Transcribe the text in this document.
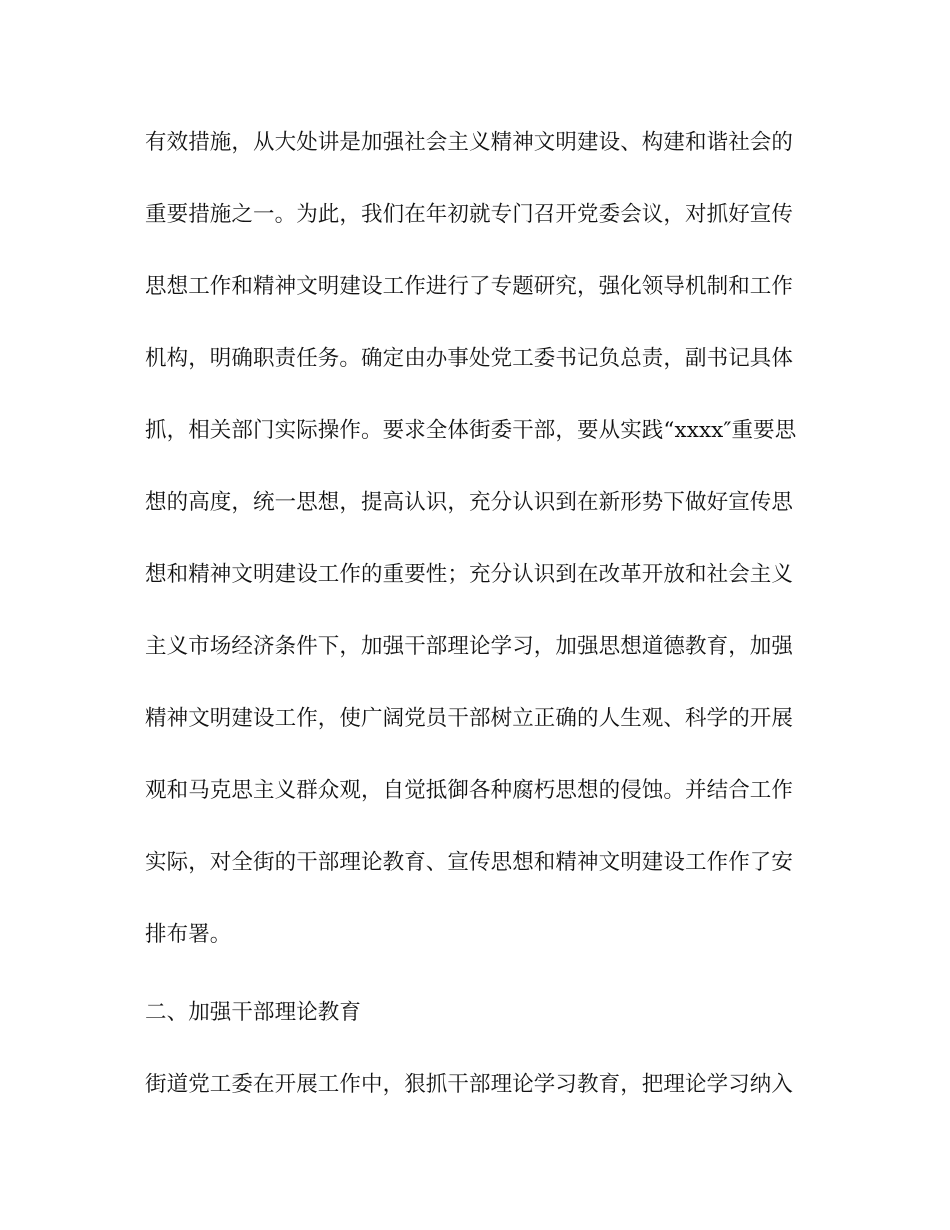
有效措施，从大处讲是加强社会主义精神文明建设、构建和谐社会的
重要措施之一。为此，我们在年初就专门召开党委会议，对抓好宣传
思想工作和精神文明建设工作进行了专题研究，强化领导机制和工作
机构，明确职责任务。确定由办事处党工委书记负总责，副书记具体
抓，相关部门实际操作。要求全体街委干部，要从实践“xxxx″重要思
想的高度，统一思想，提高认识，充分认识到在新形势下做好宣传思
想和精神文明建设工作的重要性；充分认识到在改革开放和社会主义
主义市场经济条件下，加强干部理论学习，加强思想道德教育，加强
精神文明建设工作，使广阔党员干部树立正确的人生观、科学的开展
观和马克思主义群众观，自觉抵御各种腐朽思想的侵蚀。并结合工作
实际，对全街的干部理论教育、宣传思想和精神文明建设工作作了安
排布署。
二、加强干部理论教育
街道党工委在开展工作中，狠抓干部理论学习教育，把理论学习纳入
